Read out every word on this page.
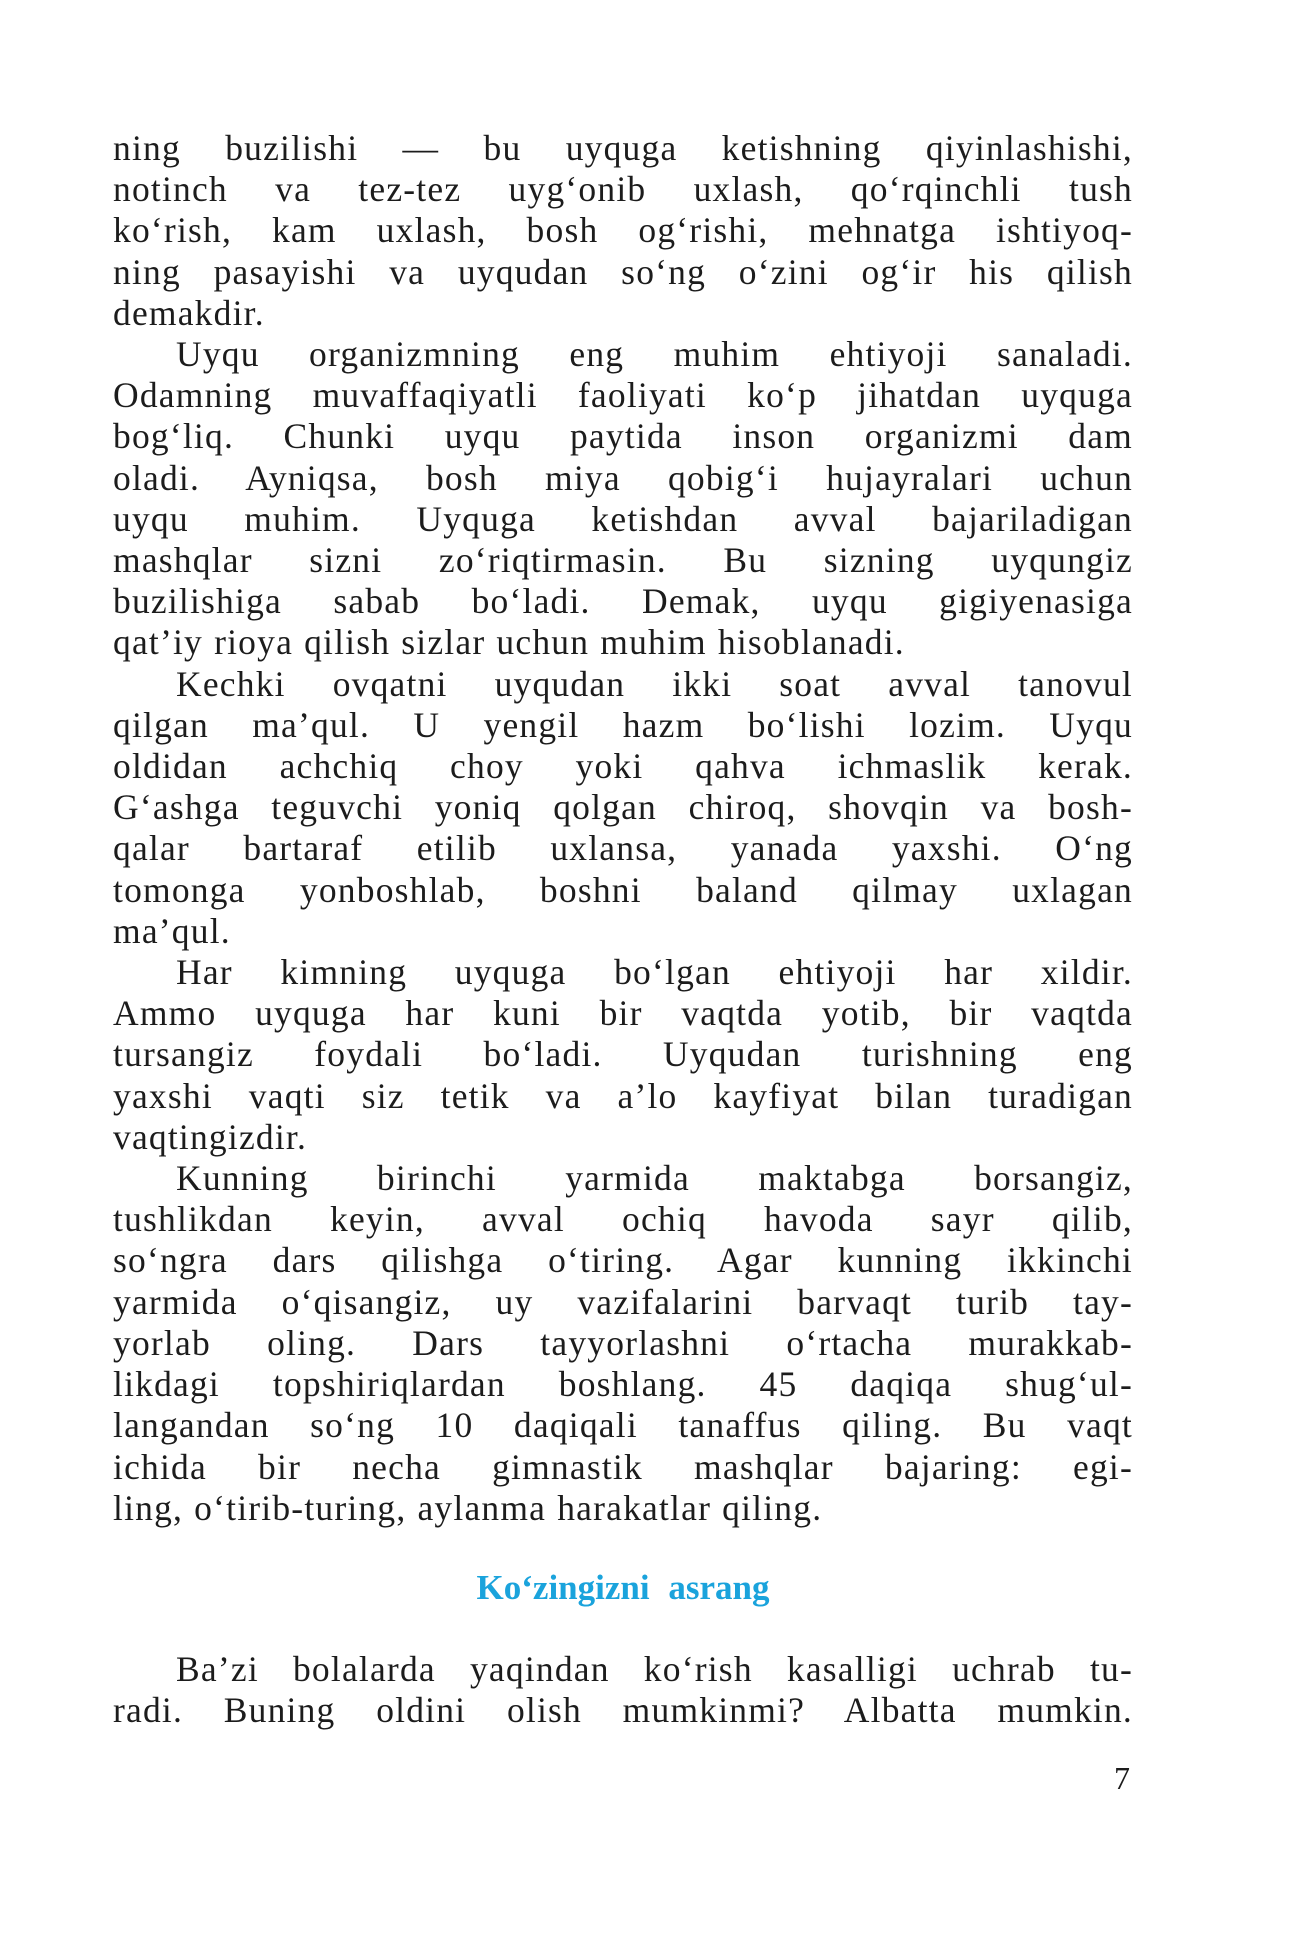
ning buzilishi — bu uyquga ketishning qiyinlashishi,
notinch va tez-tez uyg‘onib uxlash, qo‘rqinchli tush
ko‘rish, kam uxlash, bosh og‘rishi, mehnatga ishtiyoq-
ning pasayishi va uyqudan so‘ng o‘zini og‘ir his qilish
demakdir.
Uyqu organizmning eng muhim ehtiyoji sanaladi.
Odamning muvaffaqiyatli faoliyati ko‘p jihatdan uyquga
bog‘liq. Chunki uyqu paytida inson organizmi dam
oladi. Ayniqsa, bosh miya qobig‘i hujayralari uchun
uyqu muhim. Uyquga ketishdan avval bajariladigan
mashqlar sizni zo‘riqtirmasin. Bu sizning uyqungiz
buzilishiga sabab bo‘ladi. Demak, uyqu gigiyenasiga
qat’iy rioya qilish sizlar uchun muhim hisoblanadi.
Kechki ovqatni uyqudan ikki soat avval tanovul
qilgan ma’qul. U yengil hazm bo‘lishi lozim. Uyqu
oldidan achchiq choy yoki qahva ichmaslik kerak.
G‘ashga teguvchi yoniq qolgan chiroq, shovqin va bosh-
qalar bartaraf etilib uxlansa, yanada yaxshi. O‘ng
tomonga yonboshlab, boshni baland qilmay uxlagan
ma’qul.
Har kimning uyquga bo‘lgan ehtiyoji har xildir.
Ammo uyquga har kuni bir vaqtda yotib, bir vaqtda
tursangiz foydali bo‘ladi. Uyqudan turishning eng
yaxshi vaqti siz tetik va a’lo kayfiyat bilan turadigan
vaqtingizdir.
Kunning birinchi yarmida maktabga borsangiz,
tushlikdan keyin, avval ochiq havoda sayr qilib,
so‘ngra dars qilishga o‘tiring. Agar kunning ikkinchi
yarmida o‘qisangiz, uy vazifalarini barvaqt turib tay-
yorlab oling. Dars tayyorlashni o‘rtacha murakkab-
likdagi topshiriqlardan boshlang. 45 daqiqa shug‘ul-
langandan so‘ng 10 daqiqali tanaffus qiling. Bu vaqt
ichida bir necha gimnastik mashqlar bajaring: egi-
ling, o‘tirib-turing, aylanma harakatlar qiling.
Ko‘zingizni asrang
Ba’zi bolalarda yaqindan ko‘rish kasalligi uchrab tu-
radi. Buning oldini olish mumkinmi? Albatta mumkin.
7
